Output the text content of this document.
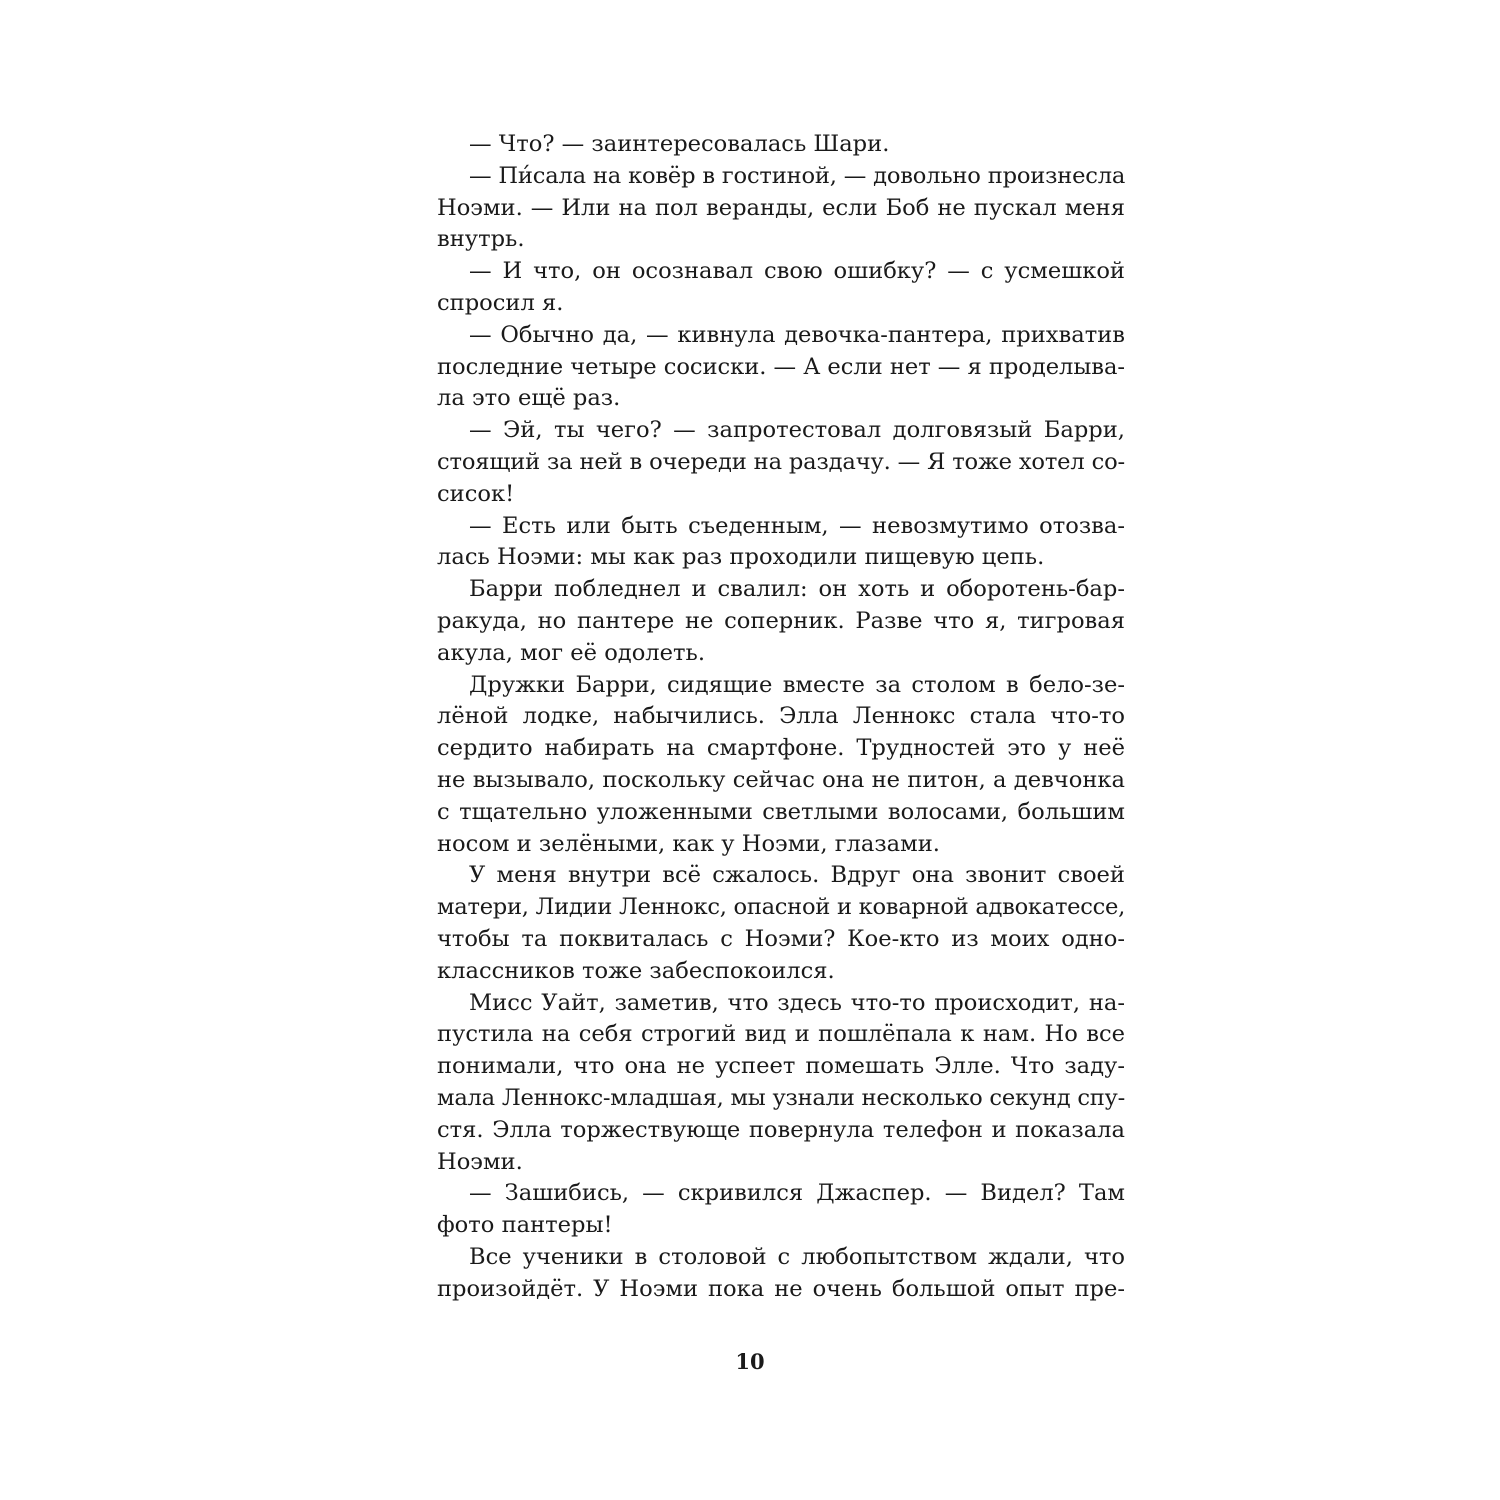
— Что? — заинтересовалась Шари.
— Пи́сала на ковёр в гостиной, — довольно произнесла
Ноэми. — Или на пол веранды, если Боб не пускал меня
внутрь.
— И что, он осознавал свою ошибку? — с усмешкой
спросил я.
— Обычно да, — кивнула девочка-пантера, прихватив
последние четыре сосиски. — А если нет — я проделыва-
ла это ещё раз.
— Эй, ты чего? — запротестовал долговязый Барри,
стоящий за ней в очереди на раздачу. — Я тоже хотел со-
сисок!
— Есть или быть съеденным, — невозмутимо отозва-
лась Ноэми: мы как раз проходили пищевую цепь.
Барри побледнел и свалил: он хоть и оборотень-бар-
ракуда, но пантере не соперник. Разве что я, тигровая
акула, мог её одолеть.
Дружки Барри, сидящие вместе за столом в бело-зе-
лёной лодке, набычились. Элла Леннокс стала что-то
сердито набирать на смартфоне. Трудностей это у неё
не вызывало, поскольку сейчас она не питон, а девчонка
с тщательно уложенными светлыми волосами, большим
носом и зелёными, как у Ноэми, глазами.
У меня внутри всё сжалось. Вдруг она звонит своей
матери, Лидии Леннокс, опасной и коварной адвокатессе,
чтобы та поквиталась с Ноэми? Кое-кто из моих одно-
классников тоже забеспокоился.
Мисс Уайт, заметив, что здесь что-то происходит, на-
пустила на себя строгий вид и пошлёпала к нам. Но все
понимали, что она не успеет помешать Элле. Что заду-
мала Леннокс-младшая, мы узнали несколько секунд спу-
стя. Элла торжествующе повернула телефон и показала
Ноэми.
— Зашибись, — скривился Джаспер. — Видел? Там
фото пантеры!
Все ученики в столовой с любопытством ждали, что
произойдёт. У Ноэми пока не очень большой опыт пре-
10
